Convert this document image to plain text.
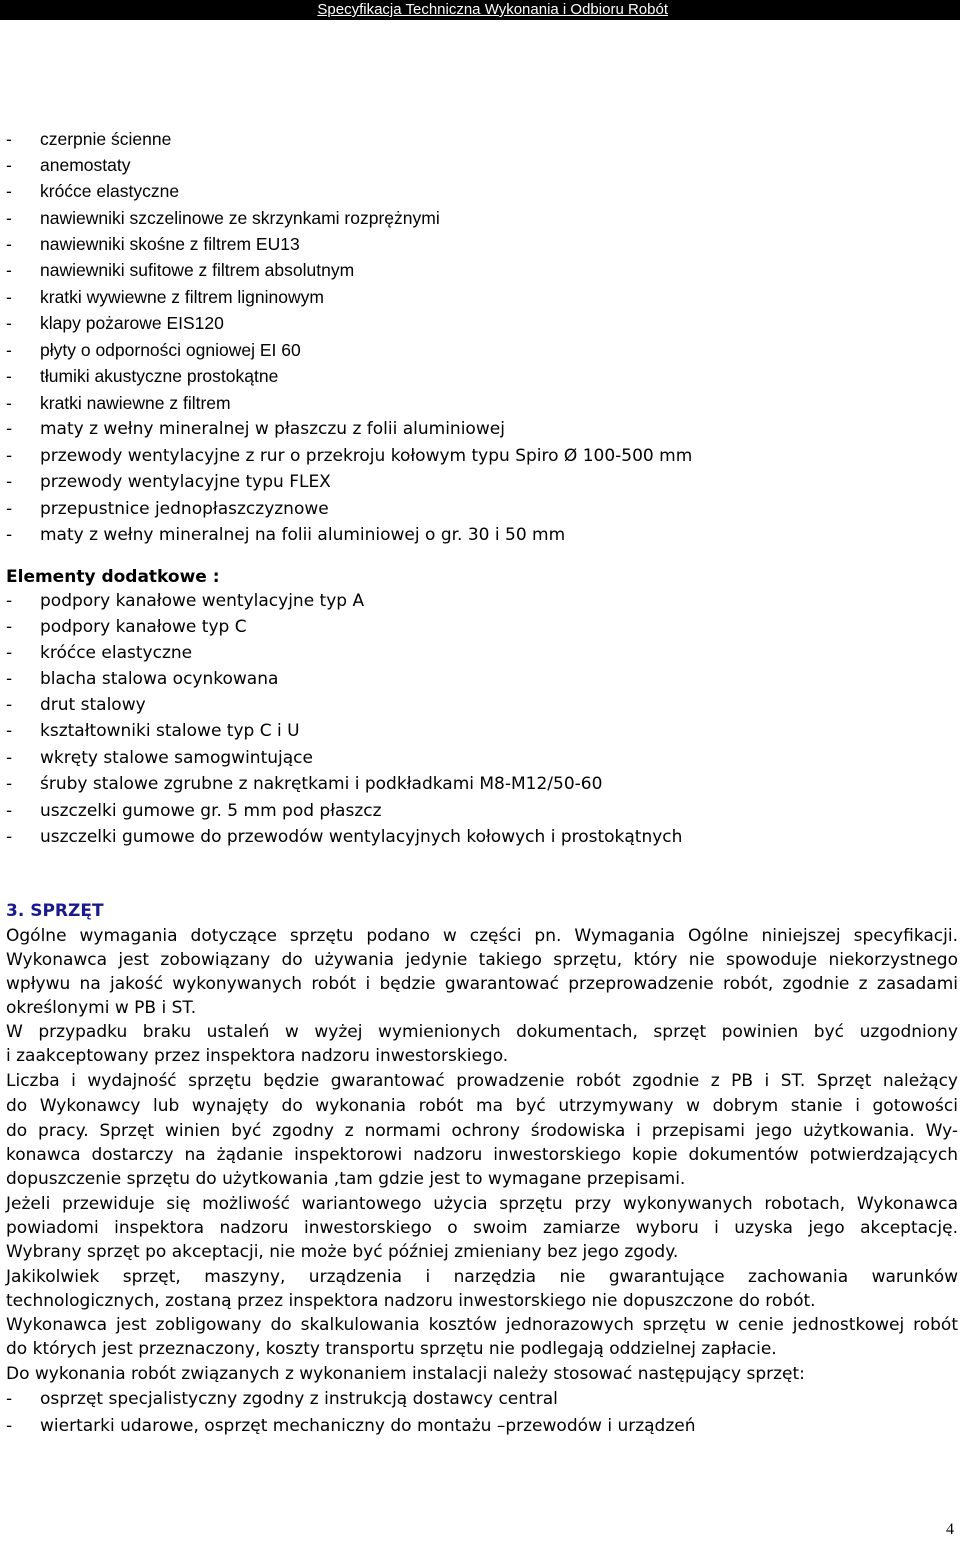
Specyfikacja Techniczna Wykonania i Odbioru Robót
- czerpnie ścienne
- anemostaty
- króćce elastyczne
- nawiewniki szczelinowe ze skrzynkami rozprężnymi
- nawiewniki skośne z filtrem EU13
- nawiewniki sufitowe z filtrem absolutnym
- kratki wywiewne z filtrem ligninowym
- klapy pożarowe EIS120
- płyty o odporności ogniowej EI 60
- tłumiki akustyczne prostokątne
- kratki nawiewne z filtrem
- maty z wełny mineralnej w płaszczu z folii aluminiowej
- przewody wentylacyjne z rur o przekroju kołowym typu Spiro Ø 100-500 mm
- przewody wentylacyjne typu FLEX
- przepustnice jednopłaszczyznowe
- maty z wełny mineralnej na folii aluminiowej o gr. 30 i 50 mm
Elementy dodatkowe :
- podpory kanałowe wentylacyjne typ A
- podpory kanałowe typ C
- króćce elastyczne
- blacha stalowa ocynkowana
- drut stalowy
- kształtowniki stalowe typ C i U
- wkręty stalowe samogwintujące
- śruby stalowe zgrubne z nakrętkami i podkładkami M8-M12/50-60
- uszczelki gumowe gr. 5 mm pod płaszcz
- uszczelki gumowe do przewodów wentylacyjnych kołowych i prostokątnych
3. SPRZĘT
Ogólne wymagania dotyczące sprzętu podano w części pn. Wymagania Ogólne niniejszej specyfikacji.
Wykonawca jest zobowiązany do używania jedynie takiego sprzętu, który nie spowoduje niekorzystnego
wpływu na jakość wykonywanych robót i będzie gwarantować przeprowadzenie robót, zgodnie z zasadami
określonymi w PB i ST.
W przypadku braku ustaleń w wyżej wymienionych dokumentach, sprzęt powinien być uzgodniony
i zaakceptowany przez inspektora nadzoru inwestorskiego.
Liczba i wydajność sprzętu będzie gwarantować prowadzenie robót zgodnie z PB i ST. Sprzęt należący
do Wykonawcy lub wynajęty do wykonania robót ma być utrzymywany w dobrym stanie i gotowości
do pracy. Sprzęt winien być zgodny z normami ochrony środowiska i przepisami jego użytkowania. Wy-
konawca dostarczy na żądanie inspektorowi nadzoru inwestorskiego kopie dokumentów potwierdzających
dopuszczenie sprzętu do użytkowania ,tam gdzie jest to wymagane przepisami.
Jeżeli przewiduje się możliwość wariantowego użycia sprzętu przy wykonywanych robotach, Wykonawca
powiadomi inspektora nadzoru inwestorskiego o swoim zamiarze wyboru i uzyska jego akceptację.
Wybrany sprzęt po akceptacji, nie może być później zmieniany bez jego zgody.
Jakikolwiek sprzęt, maszyny, urządzenia i narzędzia nie gwarantujące zachowania warunków
technologicznych, zostaną przez inspektora nadzoru inwestorskiego nie dopuszczone do robót.
Wykonawca jest zobligowany do skalkulowania kosztów jednorazowych sprzętu w cenie jednostkowej robót
do których jest przeznaczony, koszty transportu sprzętu nie podlegają oddzielnej zapłacie.
Do wykonania robót związanych z wykonaniem instalacji należy stosować następujący sprzęt:
- osprzęt specjalistyczny zgodny z instrukcją dostawcy central
- wiertarki udarowe, osprzęt mechaniczny do montażu –przewodów i urządzeń
4
